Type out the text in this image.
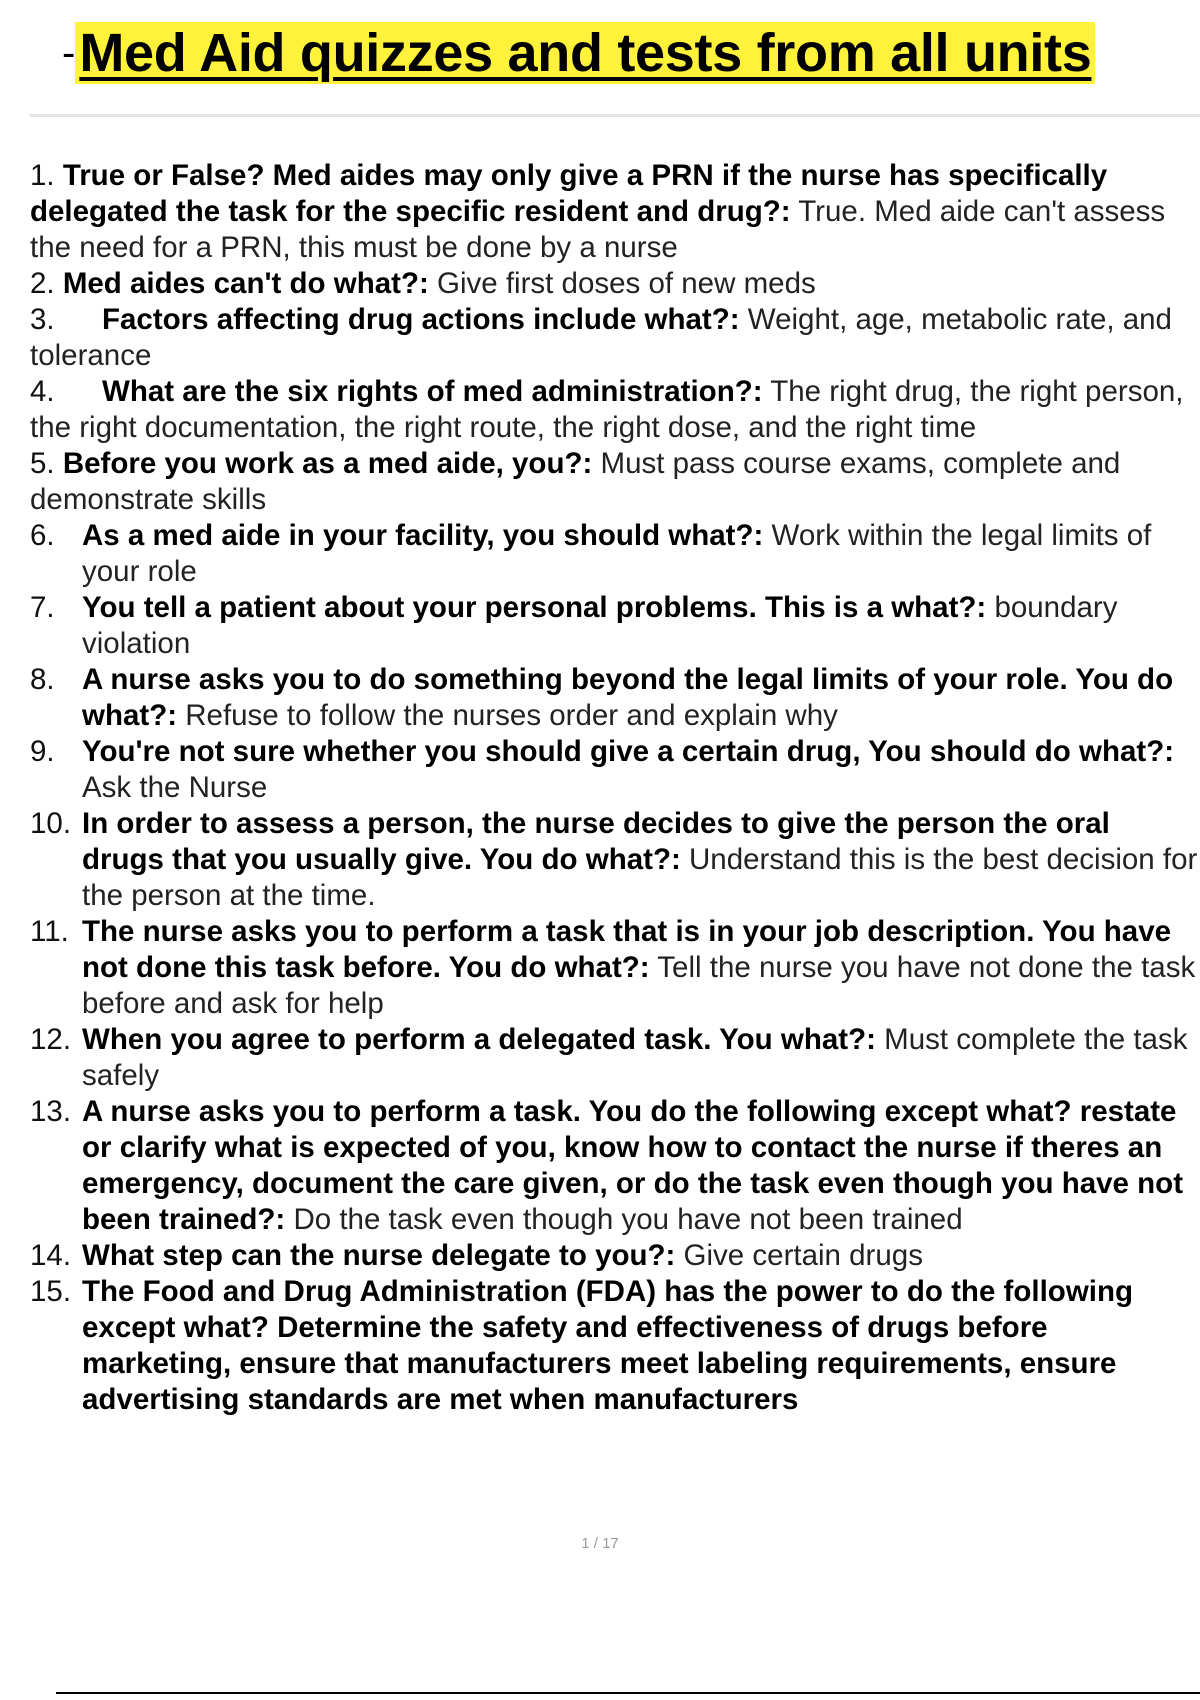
- Med Aid quizzes and tests from all units
1. True or False? Med aides may only give a PRN if the nurse has specifically delegated the task for the specific resident and drug?: True. Med aide can't assess the need for a PRN, this must be done by a nurse
2. Med aides can't do what?: Give first doses of new meds
3. Factors affecting drug actions include what?: Weight, age, metabolic rate, and tolerance
4. What are the six rights of med administration?: The right drug, the right person, the right documentation, the right route, the right dose, and the right time
5. Before you work as a med aide, you?: Must pass course exams, complete and demonstrate skills
6. As a med aide in your facility, you should what?: Work within the legal limits of your role
7. You tell a patient about your personal problems. This is a what?: boundary violation
8. A nurse asks you to do something beyond the legal limits of your role. You do what?: Refuse to follow the nurses order and explain why
9. You're not sure whether you should give a certain drug, You should do what?: Ask the Nurse
10. In order to assess a person, the nurse decides to give the person the oral drugs that you usually give. You do what?: Understand this is the best decision for the person at the time.
11. The nurse asks you to perform a task that is in your job description. You have not done this task before. You do what?: Tell the nurse you have not done the task before and ask for help
12. When you agree to perform a delegated task. You what?: Must complete the task safely
13. A nurse asks you to perform a task. You do the following except what? restate or clarify what is expected of you, know how to contact the nurse if theres an emergency, document the care given, or do the task even though you have not been trained?: Do the task even though you have not been trained
14. What step can the nurse delegate to you?: Give certain drugs
15. The Food and Drug Administration (FDA) has the power to do the following except what? Determine the safety and effectiveness of drugs before marketing, ensure that manufacturers meet labeling requirements, ensure advertising standards are met when manufacturers
1 / 17
